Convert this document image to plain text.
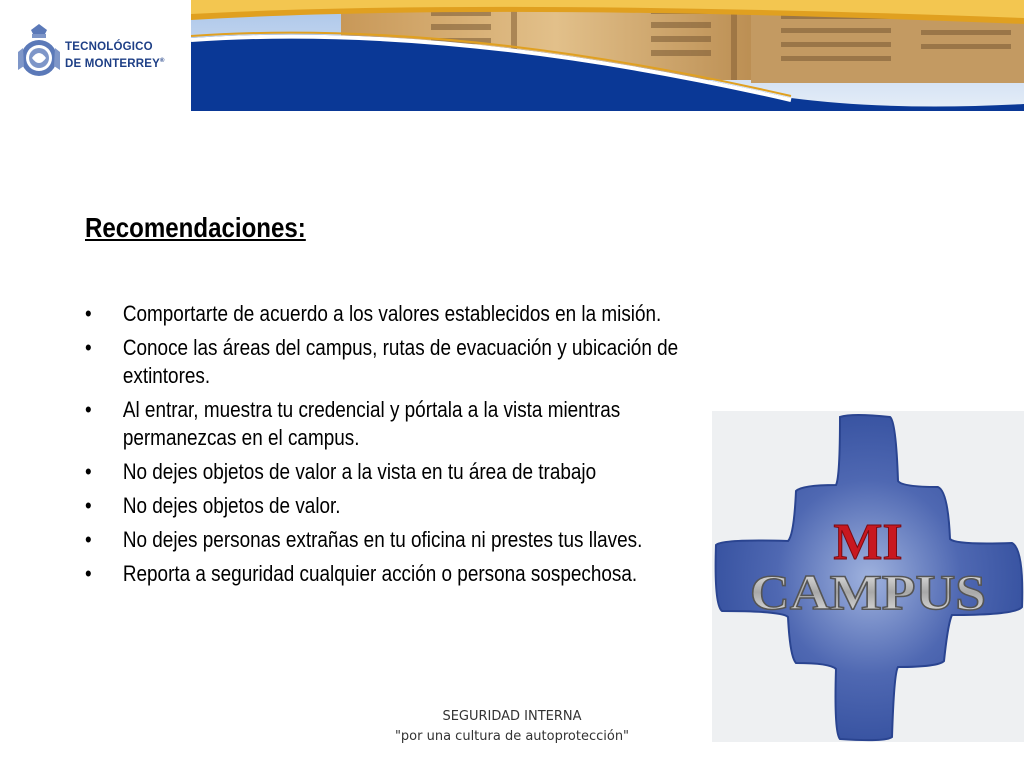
TECNOLÓGICO
DE MONTERREY®
Recomendaciones:
•	Comportarte de acuerdo a los valores establecidos en la misión.
•	Conoce las áreas del campus, rutas de evacuación y ubicación de extintores.
•	Al entrar, muestra tu credencial y pórtala a la vista mientras permanezcas en el campus.
•	No dejes objetos de valor a la vista en tu área de trabajo
•	No dejes objetos de valor.
•	No dejes personas extrañas en tu oficina ni prestes tus llaves.
•	Reporta a seguridad cualquier acción o persona sospechosa.
MI
CAMPUS
SEGURIDAD INTERNA
"por una cultura de autoprotección"
